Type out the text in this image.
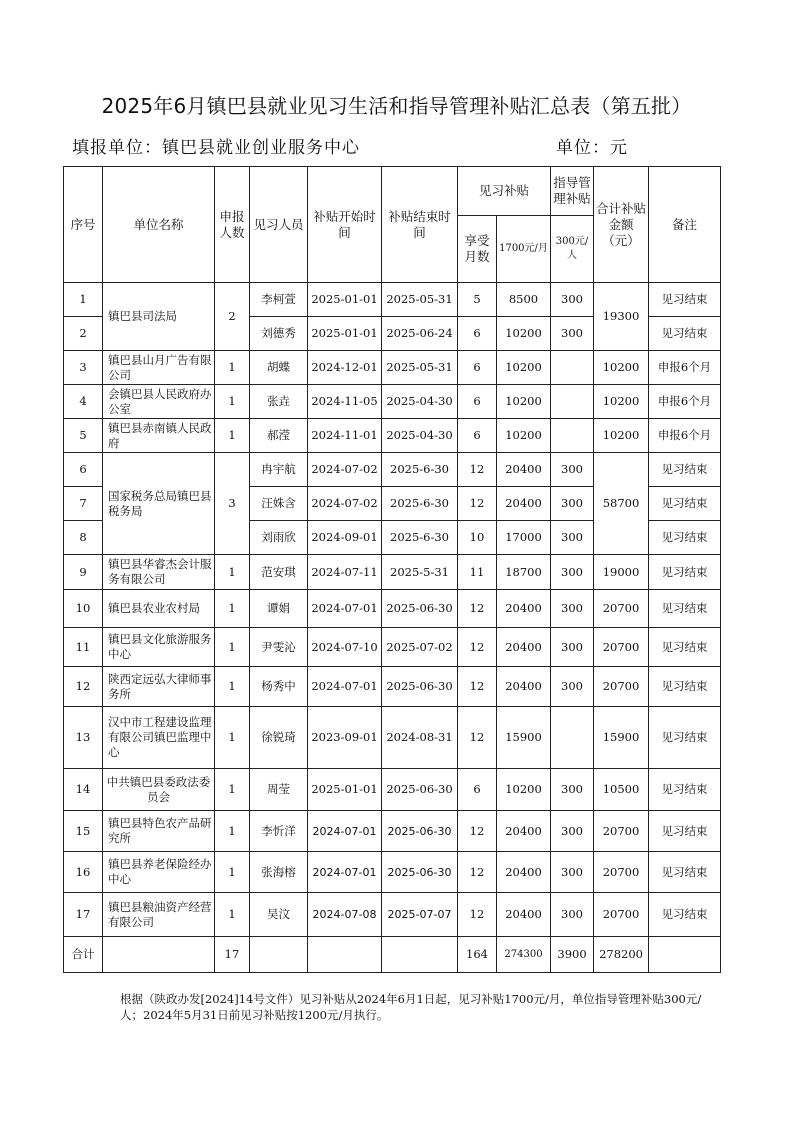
2025年6月镇巴县就业见习生活和指导管理补贴汇总表（第五批）
填报单位：镇巴县就业创业服务中心	单位：元
序号	单位名称	申报人数	见习人员	补贴开始时间	补贴结束时间	见习补贴		指导管理补贴	合计补贴金额（元）	备注
						享受月数	1700元/月	300元/人		
1	镇巴县司法局	2	李柯萱	2025-01-01	2025-05-31	5	8500	300	19300	见习结束
2			刘德秀	2025-01-01	2025-06-24	6	10200	300		见习结束
3	镇巴县山月广告有限公司	1	胡蝶	2024-12-01	2025-05-31	6	10200		10200	申报6个月
4	会镇巴县人民政府办公室	1	张垚	2024-11-05	2025-04-30	6	10200		10200	申报6个月
5	镇巴县赤南镇人民政府	1	郝滢	2024-11-01	2025-04-30	6	10200		10200	申报6个月
6	国家税务总局镇巴县税务局	3	冉宇航	2024-07-02	2025-6-30	12	20400	300	58700	见习结束
7			汪姝含	2024-07-02	2025-6-30	12	20400	300		见习结束
8			刘雨欣	2024-09-01	2025-6-30	10	17000	300		见习结束
9	镇巴县华睿杰会计服务有限公司	1	范安琪	2024-07-11	2025-5-31	11	18700	300	19000	见习结束
10	镇巴县农业农村局	1	谭娟	2024-07-01	2025-06-30	12	20400	300	20700	见习结束
11	镇巴县文化旅游服务中心	1	尹雯沁	2024-07-10	2025-07-02	12	20400	300	20700	见习结束
12	陕西定远弘大律师事务所	1	杨秀中	2024-07-01	2025-06-30	12	20400	300	20700	见习结束
13	汉中市工程建设监理有限公司镇巴监理中心	1	徐锐琦	2023-09-01	2024-08-31	12	15900		15900	见习结束
14	中共镇巴县委政法委员会	1	周莹	2025-01-01	2025-06-30	6	10200	300	10500	见习结束
15	镇巴县特色农产品研究所	1	李忻洋	2024-07-01	2025-06-30	12	20400	300	20700	见习结束
16	镇巴县养老保险经办中心	1	张海榕	2024-07-01	2025-06-30	12	20400	300	20700	见习结束
17	镇巴县粮油资产经营有限公司	1	吴汶	2024-07-08	2025-07-07	12	20400	300	20700	见习结束
合计		17				164	274300	3900	278200	
根据（陕政办发[2024]14号文件）见习补贴从2024年6月1日起，见习补贴1700元/月，单位指导管理补贴300元/人；2024年5月31日前见习补贴按1200元/月执行。
